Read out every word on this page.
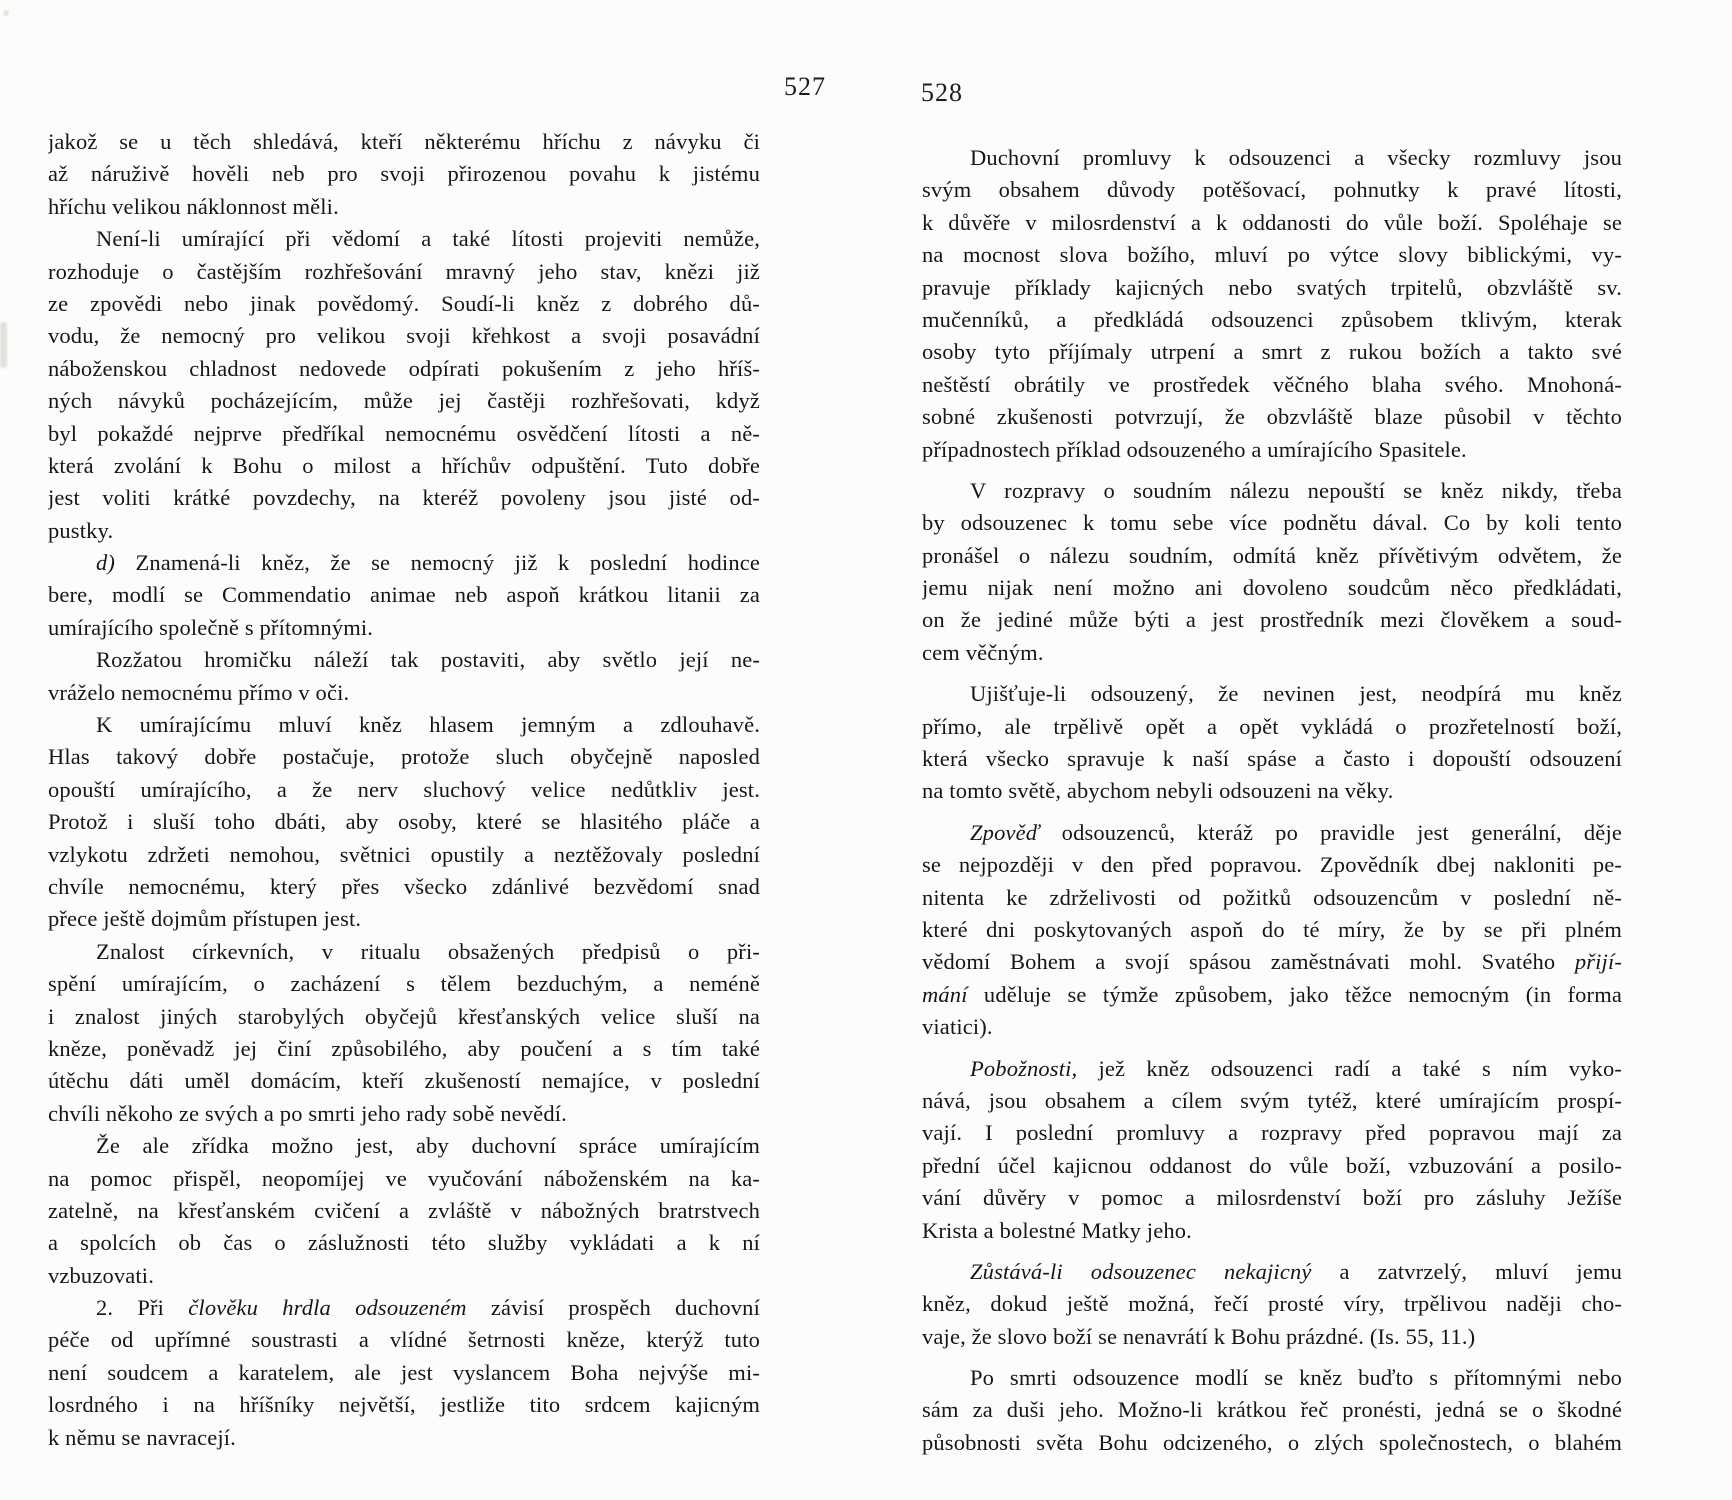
527	528
jakož se u těch shledává, kteří některému hříchu z návyku či
až náruživě hověli neb pro svoji přirozenou povahu k jistému
hříchu velikou náklonnost měli.
Není-li umírající při vědomí a také lítosti projeviti nemůže,
rozhoduje o častějším rozhřešování mravný jeho stav, knězi již
ze zpovědi nebo jinak povědomý. Soudí-li kněz z dobrého dů-
vodu, že nemocný pro velikou svoji křehkost a svoji posavádní
náboženskou chladnost nedovede odpírati pokušením z jeho hříš-
ných návyků pocházejícím, může jej častěji rozhřešovati, když
byl pokaždé nejprve předříkal nemocnému osvědčení lítosti a ně-
která zvolání k Bohu o milost a hříchův odpuštění. Tuto dobře
jest voliti krátké povzdechy, na kteréž povoleny jsou jisté od-
pustky.
d) Znamená-li kněz, že se nemocný již k poslední hodince
bere, modlí se Commendatio animae neb aspoň krátkou litanii za
umírajícího společně s přítomnými.
Rozžatou hromičku náleží tak postaviti, aby světlo její ne-
vráželo nemocnému přímo v oči.
K umírajícímu mluví kněz hlasem jemným a zdlouhavě.
Hlas takový dobře postačuje, protože sluch obyčejně naposled
opouští umírajícího, a že nerv sluchový velice nedůtkliv jest.
Protož i sluší toho dbáti, aby osoby, které se hlasitého pláče a
vzlykotu zdržeti nemohou, světnici opustily a neztěžovaly poslední
chvíle nemocnému, který přes všecko zdánlivé bezvědomí snad
přece ještě dojmům přístupen jest.
Znalost církevních, v ritualu obsažených předpisů o při-
spění umírajícím, o zacházení s tělem bezduchým, a neméně
i znalost jiných starobylých obyčejů křesťanských velice sluší na
kněze, poněvadž jej činí způsobilého, aby poučení a s tím také
útěchu dáti uměl domácím, kteří zkušeností nemajíce, v poslední
chvíli někoho ze svých a po smrti jeho rady sobě nevědí.
Že ale zřídka možno jest, aby duchovní spráce umírajícím
na pomoc přispěl, neopomíjej ve vyučování náboženském na ka-
zatelně, na křesťanském cvičení a zvláště v nábožných bratrstvech
a spolcích ob čas o záslužnosti této služby vykládati a k ní
vzbuzovati.
2. Při člověku hrdla odsouzeném závisí prospěch duchovní
péče od upřímné soustrasti a vlídné šetrnosti kněze, kterýž tuto
není soudcem a karatelem, ale jest vyslancem Boha nejvýše mi-
losrdného i na hříšníky největší, jestliže tito srdcem kajicným
k němu se navracejí.
Duchovní promluvy k odsouzenci a všecky rozmluvy jsou
svým obsahem důvody potěšovací, pohnutky k pravé lítosti,
k důvěře v milosrdenství a k oddanosti do vůle boží. Spoléhaje se
na mocnost slova božího, mluví po výtce slovy biblickými, vy-
pravuje příklady kajicných nebo svatých trpitelů, obzvláště sv.
mučenníků, a předkládá odsouzenci způsobem tklivým, kterak
osoby tyto příjímaly utrpení a smrt z rukou božích a takto své
neštěstí obrátily ve prostředek věčného blaha svého. Mnohoná-
sobné zkušenosti potvrzují, že obzvláště blaze působil v těchto
případnostech příklad odsouzeného a umírajícího Spasitele.
V rozpravy o soudním nálezu nepouští se kněz nikdy, třeba
by odsouzenec k tomu sebe více podnětu dával. Co by koli tento
pronášel o nálezu soudním, odmítá kněz přívětivým odvětem, že
jemu nijak není možno ani dovoleno soudcům něco předkládati,
on že jediné může býti a jest prostředník mezi člověkem a soud-
cem věčným.
Ujišťuje-li odsouzený, že nevinen jest, neodpírá mu kněz
přímo, ale trpělivě opět a opět vykládá o prozřetelností boží,
která všecko spravuje k naší spáse a často i dopouští odsouzení
na tomto světě, abychom nebyli odsouzeni na věky.
Zpověď odsouzenců, kteráž po pravidle jest generální, děje
se nejpozději v den před popravou. Zpovědník dbej nakloniti pe-
nitenta ke zdrželivosti od požitků odsouzencům v poslední ně-
které dni poskytovaných aspoň do té míry, že by se při plném
vědomí Bohem a svojí spásou zaměstnávati mohl. Svatého přijí-
mání uděluje se týmže způsobem, jako těžce nemocným (in forma
viatici).
Pobožnosti, jež kněz odsouzenci radí a také s ním vyko-
nává, jsou obsahem a cílem svým tytéž, které umírajícím prospí-
vají. I poslední promluvy a rozpravy před popravou mají za
přední účel kajicnou oddanost do vůle boží, vzbuzování a posilo-
vání důvěry v pomoc a milosrdenství boží pro zásluhy Ježíše
Krista a bolestné Matky jeho.
Zůstává-li odsouzenec nekajicný a zatvrzelý, mluví jemu
kněz, dokud ještě možná, řečí prosté víry, trpělivou naději cho-
vaje, že slovo boží se nenavrátí k Bohu prázdné. (Is. 55, 11.)
Po smrti odsouzence modlí se kněz buďto s přítomnými nebo
sám za duši jeho. Možno-li krátkou řeč pronésti, jedná se o škodné
působnosti světa Bohu odcizeného, o zlých společnostech, o blahém
